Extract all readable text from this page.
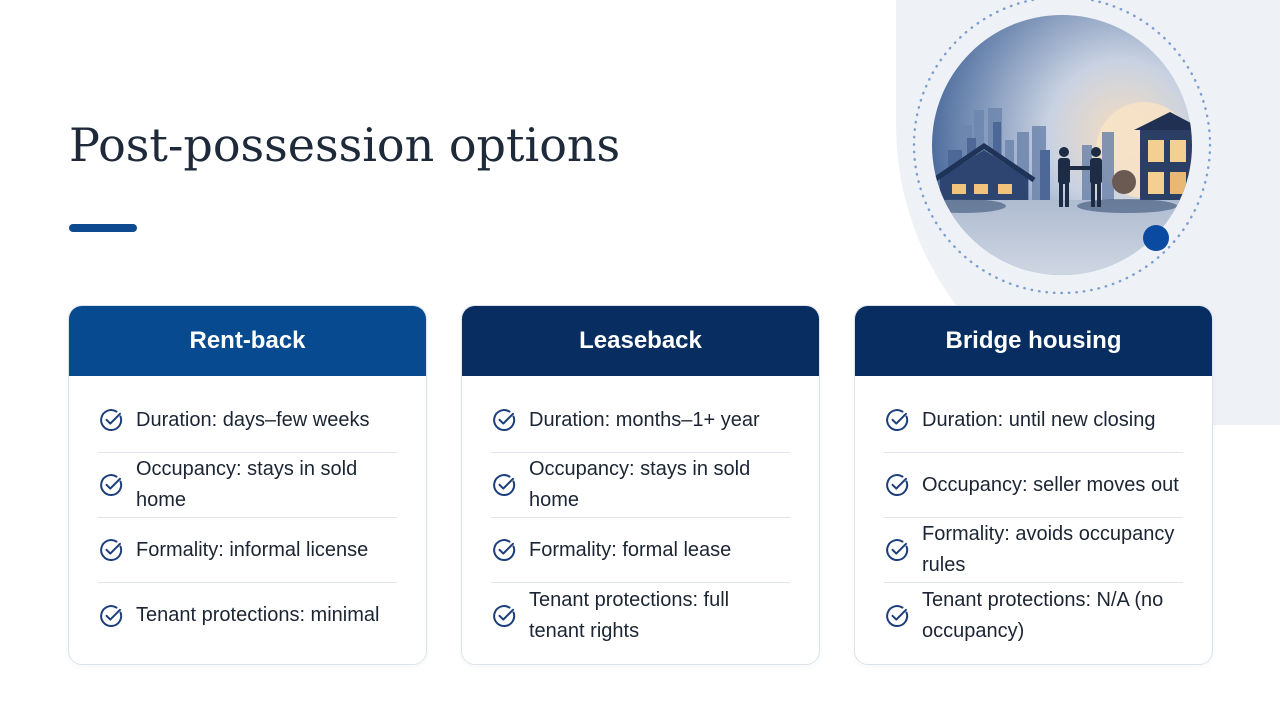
Post-possession options
Rent-back
Duration: days–few weeks
Occupancy: stays in sold home
Formality: informal license
Tenant protections: minimal
Leaseback
Duration: months–1+ year
Occupancy: stays in sold home
Formality: formal lease
Tenant protections: full tenant rights
Bridge housing
Duration: until new closing
Occupancy: seller moves out
Formality: avoids occupancy rules
Tenant protections: N/A (no occupancy)
